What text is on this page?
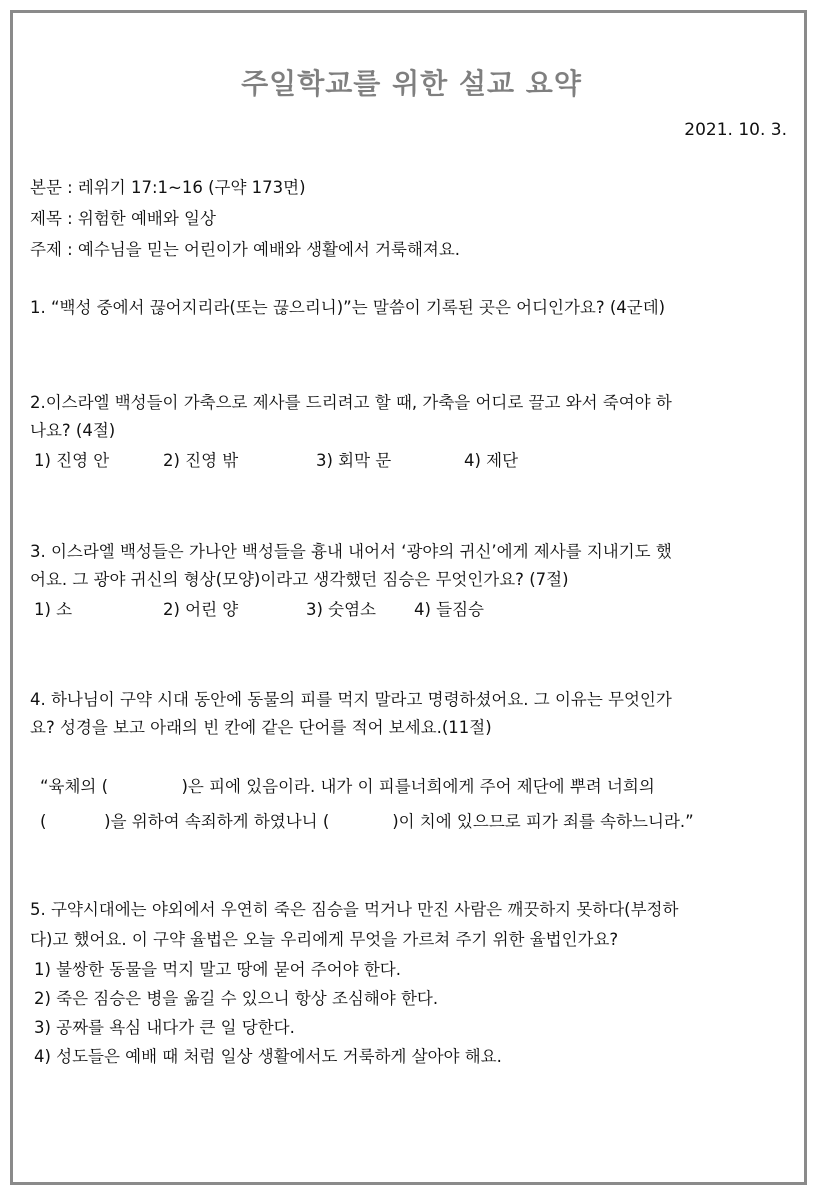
주일학교를 위한 설교 요약
2021. 10. 3.
본문 : 레위기 17:1~16 (구약 173면)
제목 : 위험한 예배와 일상
주제 : 예수님을 믿는 어린이가 예배와 생활에서 거룩해져요.
1. “백성 중에서 끊어지리라(또는 끊으리니)”는 말씀이 기록된 곳은 어디인가요? (4군데)
2.이스라엘 백성들이 가축으로 제사를 드리려고 할 때, 가축을 어디로 끌고 와서 죽여야 하
나요? (4절)
1) 진영 안	2) 진영 밖	3) 회막 문	4) 제단
3. 이스라엘 백성들은 가나안 백성들을 흉내 내어서 ‘광야의 귀신’에게 제사를 지내기도 했
어요. 그 광야 귀신의 형상(모양)이라고 생각했던 짐승은 무엇인가요? (7절)
1) 소	2) 어린 양	3) 숫염소 4) 들짐승
4. 하나님이 구약 시대 동안에 동물의 피를 먹지 말라고 명령하셨어요. 그 이유는 무엇인가
요? 성경을 보고 아래의 빈 칸에 같은 단어를 적어 보세요.(11절)
“육체의 (              )은 피에 있음이라. 내가 이 피를너희에게 주어 제단에 뿌려 너희의
(           )을 위하여 속죄하게 하였나니 (            )이 치에 있으므로 피가 죄를 속하느니라.”
5. 구약시대에는 야외에서 우연히 죽은 짐승을 먹거나 만진 사람은 깨끗하지 못하다(부정하
다)고 했어요. 이 구약 율법은 오늘 우리에게 무엇을 가르쳐 주기 위한 율법인가요?
1) 불쌍한 동물을 먹지 말고 땅에 묻어 주어야 한다.
2) 죽은 짐승은 병을 옮길 수 있으니 항상 조심해야 한다.
3) 공짜를 욕심 내다가 큰 일 당한다.
4) 성도들은 예배 때 처럼 일상 생활에서도 거룩하게 살아야 해요.
